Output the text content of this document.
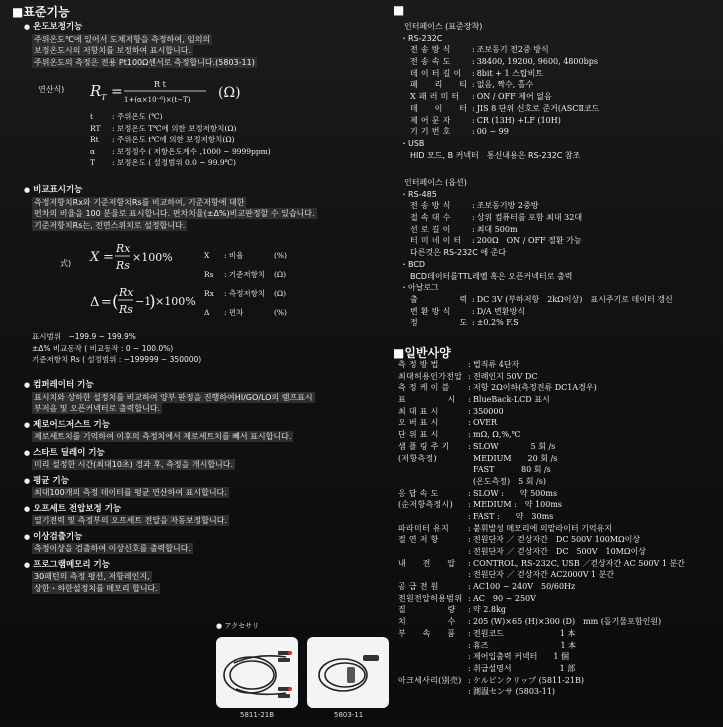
■표준기능
● 온도보정기능
주위온도℃에 있어서 도체저항을 측정하여, 임의의
보정온도시의 저항치를 보정하여 표시합니다.
주위온도의 측정은 전용 Pt100Ω센서로 측정합니다.(5803-11)
연산식) R T =	R t
1+(α×10⁻⁶)×(t−T) (Ω)
t	: 주위온도 (℃)
RT : 보정온도 T℃에 의한 보정저항치(Ω)
Rt : 주위온도 t℃에 의한 보정저항치(Ω)
α : 보정정수 ( 저항온도계수 ,1000 ~ 9999ppm)
T : 보정온도 ( 설정범위 0.0 ~ 99.9℃)
● 비교표시기능
측정저항치Rx와 기준저항치Rs를 비교하여, 기준저항에 대한
편차의 비율을 100 분율로 표시합니다. 편차치율(±Δ%)비교판정할 수 있습니다.
기준저항치Rs는, 전면스위치로 설정합니다.
式) X =
Rx
Rs
×100%
Δ = ( Rx
Rs
−1
) ×100%
X : 비율	(%)
Rs : 기준저항치 (Ω)
Rx : 측정저항치 (Ω)
Δ : 편차	(%)
표시범위　−199.9 ~ 199.9%
±Δ% 비교동작 ( 비교동작 : 0 ~ 100.0%)
기준저항치 Rs ( 설정범위 : −199999 ~ 350000)
● 컴퍼레이터 기능
표시치와 상하한 설정치를 비교하여 양부 판정을 진행하여HI/GO/LO의 램프표시
부저음 및 오픈커넥터로 출력합니다.
● 제로어드저스트 기능
제로세트치를 기억하여 이후의 측정치에서 제로세트치를 빼서 표시합니다.
● 스타트 딜레이 기능
미리 설정한 시간(최대10초) 경과 후, 측정을 개시합니다.
● 평균 기능
최대100개의 측정 데이터를 평균 연산하여 표시합니다.
● 오프세트 전압보정 기능
열기전력 및 측정부의 오프세트 전압을 자동보정합니다.
● 이상검출기능
측정이상을 검출하여 이상신호를 출력합니다.
● 프로그램메모리 기능
30패턴의 측정 평션, 저항레인지,
상한・하한설정치를 메모리 합니다.
● アクセサリ
5811-21B	5803-11
■
인터페이스 (표준장착)
・RS-232C
전 송 방 식	: 조보동기 전2중 방식
전 송 속 도	: 38400, 19200, 9600, 4800bps
데 이 터 길 이 : 8bit + 1 스탑비트
패　　리　　티 : 없음, 짝수, 홀수
X 패 러 미 터 : ON / OFF 제어 없음
데　　이　　터 : JIS 8 단위 신호로 준거(ASCⅡ코드
제 어 문 자	: CR (13H) +LF (10H)
기 기 번 호	: 00 ~ 99
・USB
HID 모드, B 커넥터　통신내용은 RS-232C 참조
인터페이스 (옵션)
・RS-485
전 송 방 식	: 조보동기방 2중방
접 속 대 수	: 상위 컴퓨터를 포함 최대 32대
선 로 길 이	: 최대 500m
터 미 네 이 터 : 200Ω　ON / OFF 절환 가능
다른것은 RS-232C 에 준다
・BCD
BCD데이터를TTL레벨 혹은 오픈커넥터로 출력
・아날로그
출　　　　　력 : DC 3V (부하저항　2kΩ이상)　표시주기로 데이터 갱신
변 환 방 식	: D/A 변환방식
정　　　　　도 : ±0.2% F.S
■일반사양
측 정 방 법	: 법직류 4단자
최대허용인가전압 : 전례인지 50V DC
측 정 케 이 블 : 저항 2Ω이하(측정전류 DC1A경우)
표　　　　　시 : BlueBack-LCD 표시
최 대 표 시	: 350000
오 버 표 시	: OVER
단 위 표 시	: mΩ, Ω,%,℃
샘 플 링 주 기 : SLOW　　　　5 회 /s
(저항측정)	MEDIUM　　20 회 /s
FAST　　　 80 회 /s
(온도측정)　5 회 /s)
응 답 속 도	: SLOW :　　약 500ms
(순저항측정시) : MEDIUM :　약 100ms
: FAST :　　약　30ms
파라미터 유지 : 붙휘발성 메모리에 의맡라이터 기억유지
절 연 저 항	: 전원단자 ／ 걷상자간　DC 500V 100MΩ이상
: 전원단자 ／ 걷상자간　DC　500V　10MΩ이상
내　　전　　압 : CONTROL, RS-232C, USB ／걷상자간 AC 500V 1 분간
: 전원단자 ／ 걷상자간 AC2000V 1 분간
공 급 전 원	: AC100 ~ 240V　50/60Hz
전원전압허용범위 : AC　90 ~ 250V
질　　　　　량 : 약 2.8kg
치　　　　　수 : 205 (W)×65 (H)×300 (D)　mm (돌기물포함인원)
부　　속　　품 : 전원코드　　　　　　　1 本
: 휴즈　　　　　　　　　1 本
: 제어입출력 커넥터　　1 個
: 취급설명서　　　　　　1 部
아크세사리(別売) : ケルビンクリップ (5811-21B)
: 測温センサ (5803-11)
